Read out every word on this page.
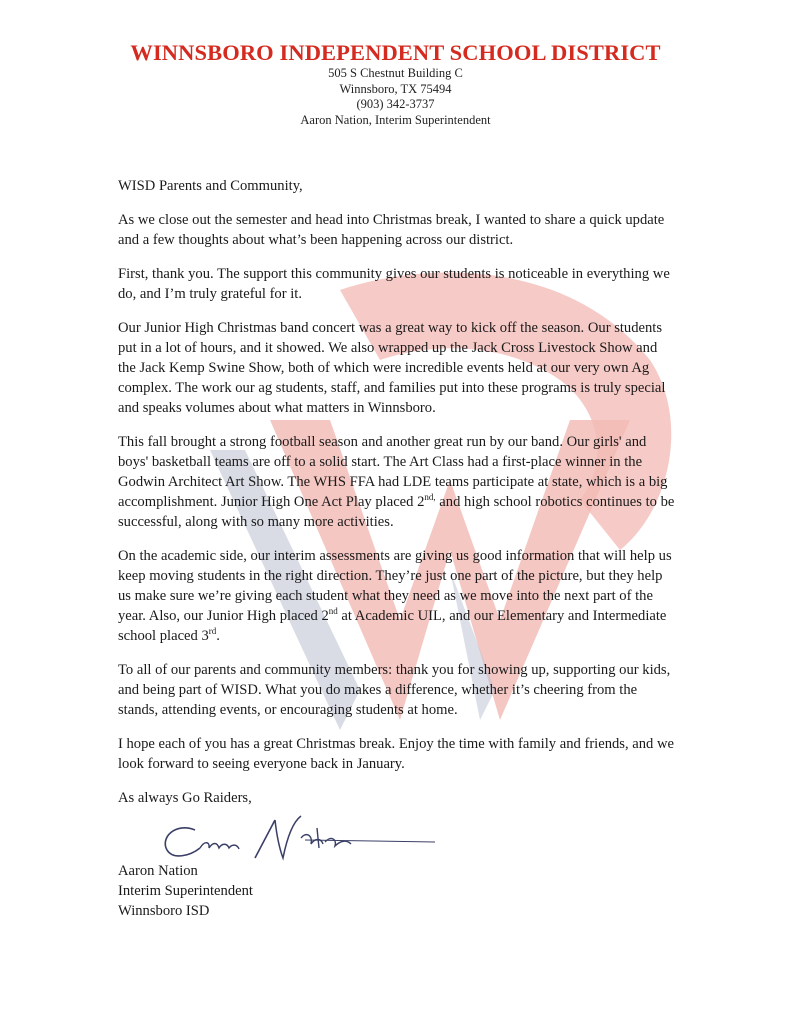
WINNSBORO INDEPENDENT SCHOOL DISTRICT

505 S Chestnut Building C

Winnsboro, TX 75494

(903) 342-3737

Aaron Nation, Interim Superintendent

WISD Parents and Community,

As we close out the semester and head into Christmas break, I wanted to share a quick update and a few thoughts about what’s been happening across our district.

First, thank you. The support this community gives our students is noticeable in everything we do, and I’m truly grateful for it.

Our Junior High Christmas band concert was a great way to kick off the season. Our students put in a lot of hours, and it showed. We also wrapped up the Jack Cross Livestock Show and the Jack Kemp Swine Show, both of which were incredible events held at our very own Ag complex. The work our ag students, staff, and families put into these programs is truly special and speaks volumes about what matters in Winnsboro.

This fall brought a strong football season and another great run by our band. Our girls' and boys' basketball teams are off to a solid start. The Art Class had a first-place winner in the Godwin Architect Art Show. The WHS FFA had LDE teams participate at state, which is a big accomplishment. Junior High One Act Play placed $2^{nd,}$ and high school robotics continues to be successful, along with so many more activities.

On the academic side, our interim assessments are giving us good information that will help us keep moving students in the right direction. They’re just one part of the picture, but they help us make sure we’re giving each student what they need as we move into the next part of the year. Also, our Junior High placed 2nd at Academic UIL, and our Elementary and Intermediate school placed 3rd.

To all of our parents and community members: thank you for showing up, supporting our kids, and being part of WISD. What you do makes a difference, whether it’s cheering from the stands, attending events, or encouraging students at home.

I hope each of you has a great Christmas break. Enjoy the time with family and friends, and we look forward to seeing everyone back in January.

As always Go Raiders,

Aaron Nation
Interim Superintendent
Winnsboro ISD
